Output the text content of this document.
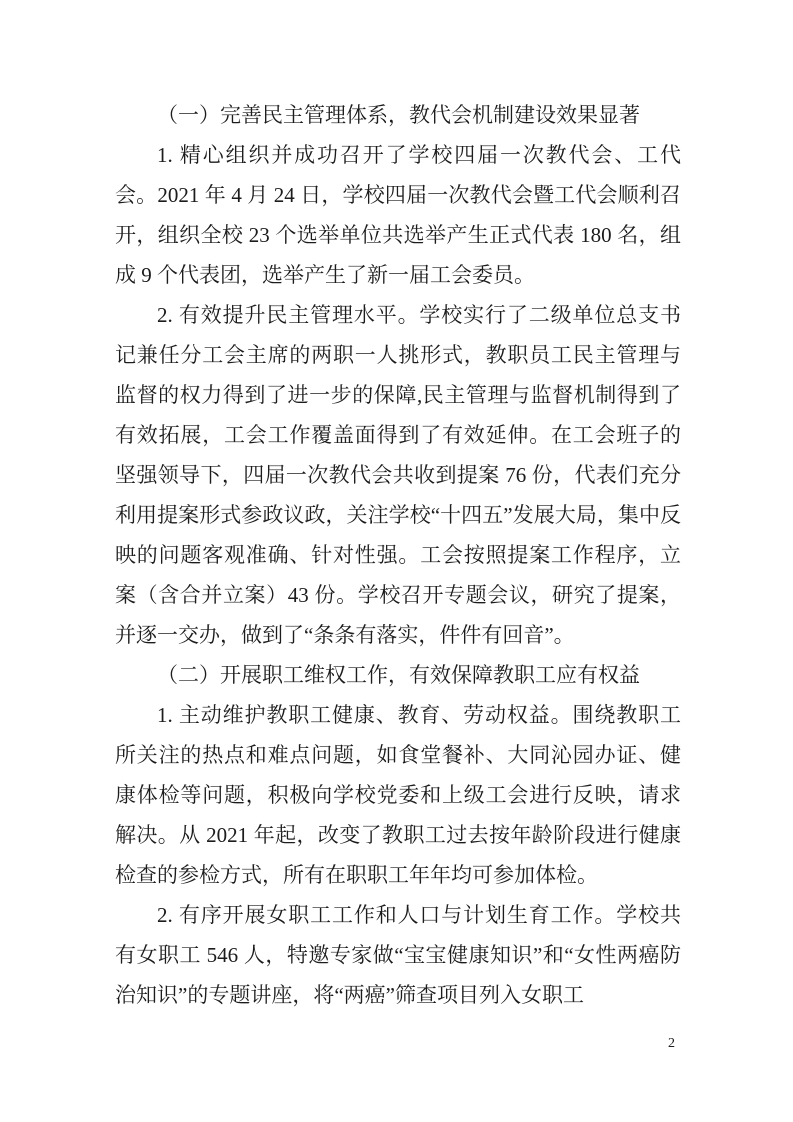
（一）完善民主管理体系，教代会机制建设效果显著

1. 精心组织并成功召开了学校四届一次教代会、工代会。2021 年 4 月 24 日，学校四届一次教代会暨工代会顺利召开，组织全校 23 个选举单位共选举产生正式代表 180 名，组成 9 个代表团，选举产生了新一届工会委员。

2. 有效提升民主管理水平。学校实行了二级单位总支书记兼任分工会主席的两职一人挑形式，教职员工民主管理与监督的权力得到了进一步的保障,民主管理与监督机制得到了有效拓展，工会工作覆盖面得到了有效延伸。在工会班子的坚强领导下，四届一次教代会共收到提案 76 份，代表们充分利用提案形式参政议政，关注学校“十四五”发展大局，集中反映的问题客观准确、针对性强。工会按照提案工作程序，立案（含合并立案）43 份。学校召开专题会议，研究了提案，并逐一交办，做到了“条条有落实，件件有回音”。

（二）开展职工维权工作，有效保障教职工应有权益

1. 主动维护教职工健康、教育、劳动权益。围绕教职工所关注的热点和难点问题，如食堂餐补、大同沁园办证、健康体检等问题，积极向学校党委和上级工会进行反映，请求解决。从 2021 年起，改变了教职工过去按年龄阶段进行健康检查的参检方式，所有在职职工年年均可参加体检。

2. 有序开展女职工工作和人口与计划生育工作。学校共有女职工 546 人，特邀专家做“宝宝健康知识”和“女性两癌防治知识”的专题讲座，将“两癌”筛查项目列入女职工

2
